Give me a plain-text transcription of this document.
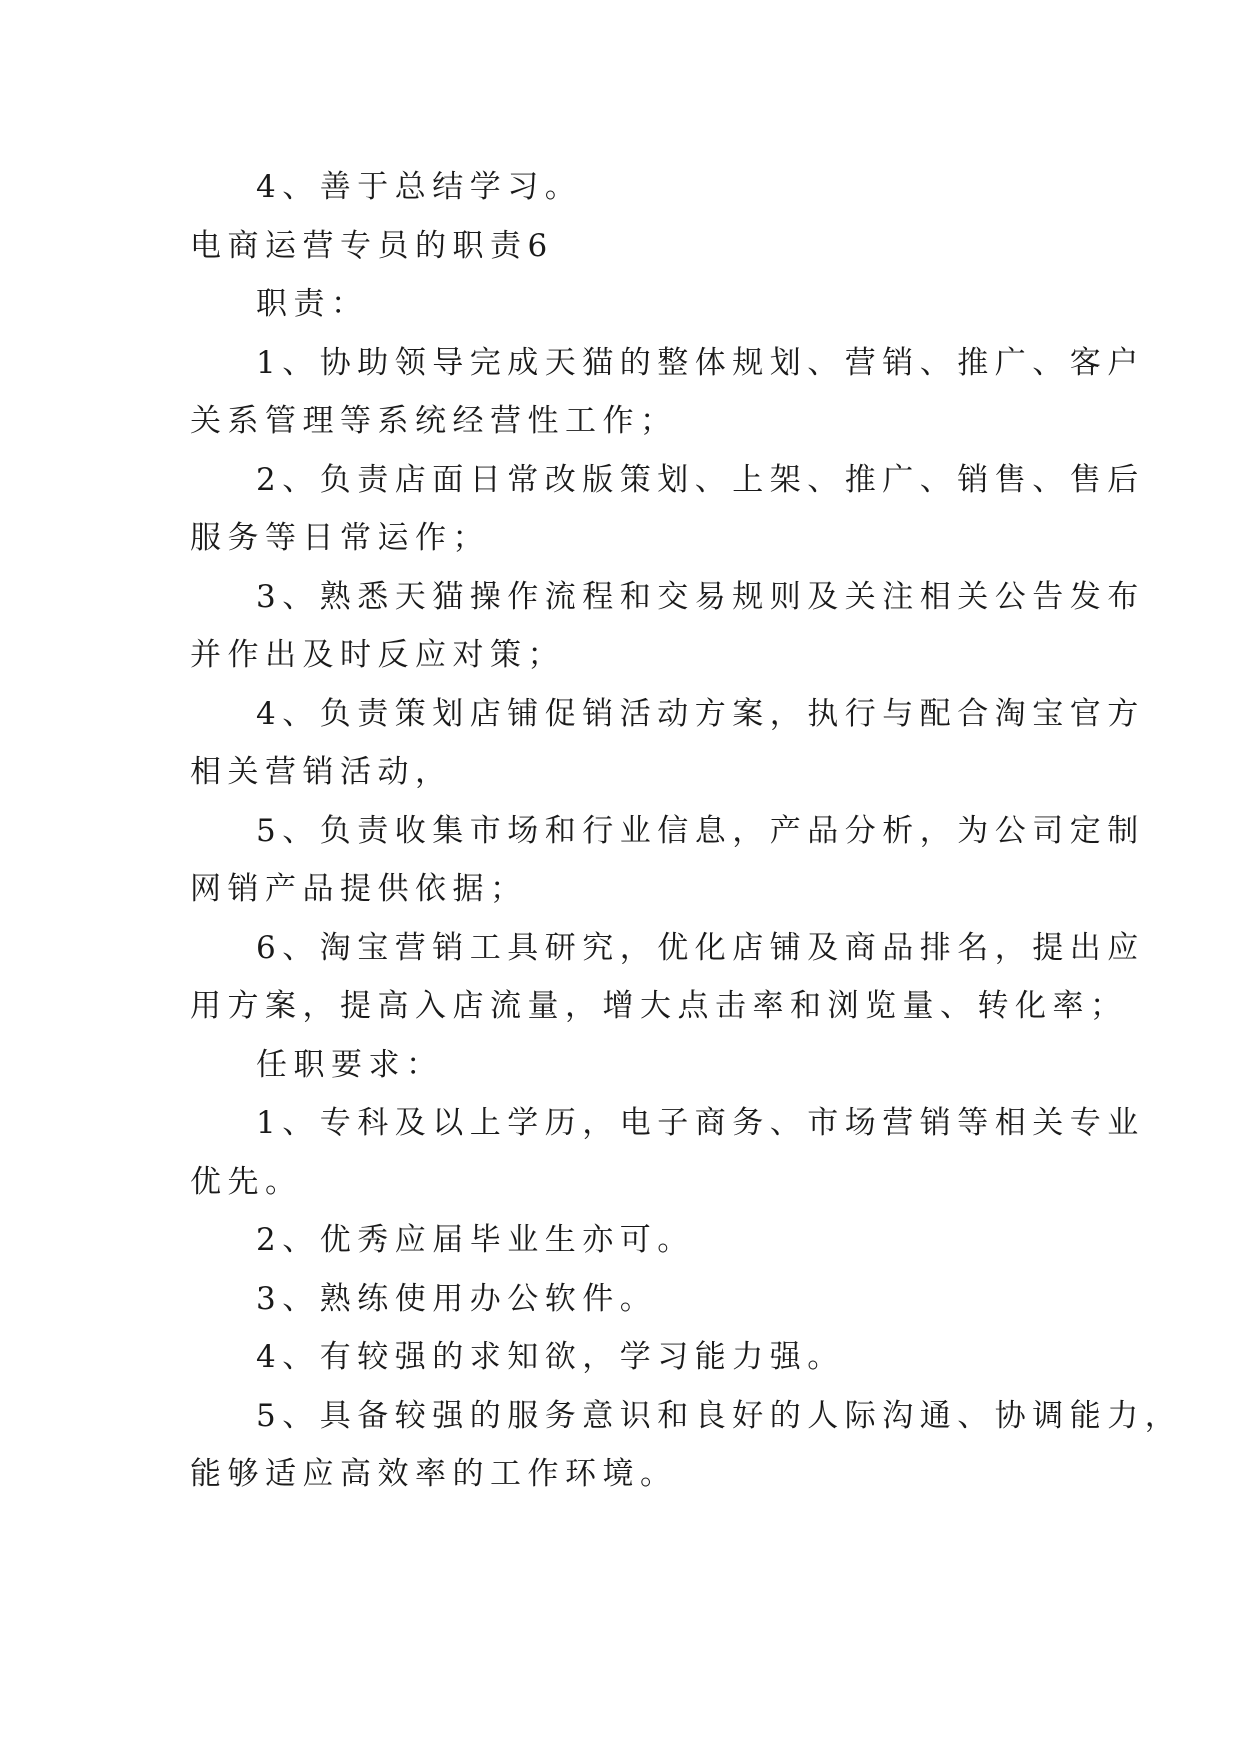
4、善于总结学习。
电商运营专员的职责6
职责：
1、协助领导完成天猫的整体规划、营销、推广、客户
关系管理等系统经营性工作；
2、负责店面日常改版策划、上架、推广、销售、售后
服务等日常运作；
3、熟悉天猫操作流程和交易规则及关注相关公告发布
并作出及时反应对策；
4、负责策划店铺促销活动方案，执行与配合淘宝官方
相关营销活动，
5、负责收集市场和行业信息，产品分析，为公司定制
网销产品提供依据；
6、淘宝营销工具研究，优化店铺及商品排名，提出应
用方案，提高入店流量，增大点击率和浏览量、转化率；
任职要求：
1、专科及以上学历，电子商务、市场营销等相关专业
优先。
2、优秀应届毕业生亦可。
3、熟练使用办公软件。
4、有较强的求知欲，学习能力强。
5、具备较强的服务意识和良好的人际沟通、协调能力，
能够适应高效率的工作环境。
